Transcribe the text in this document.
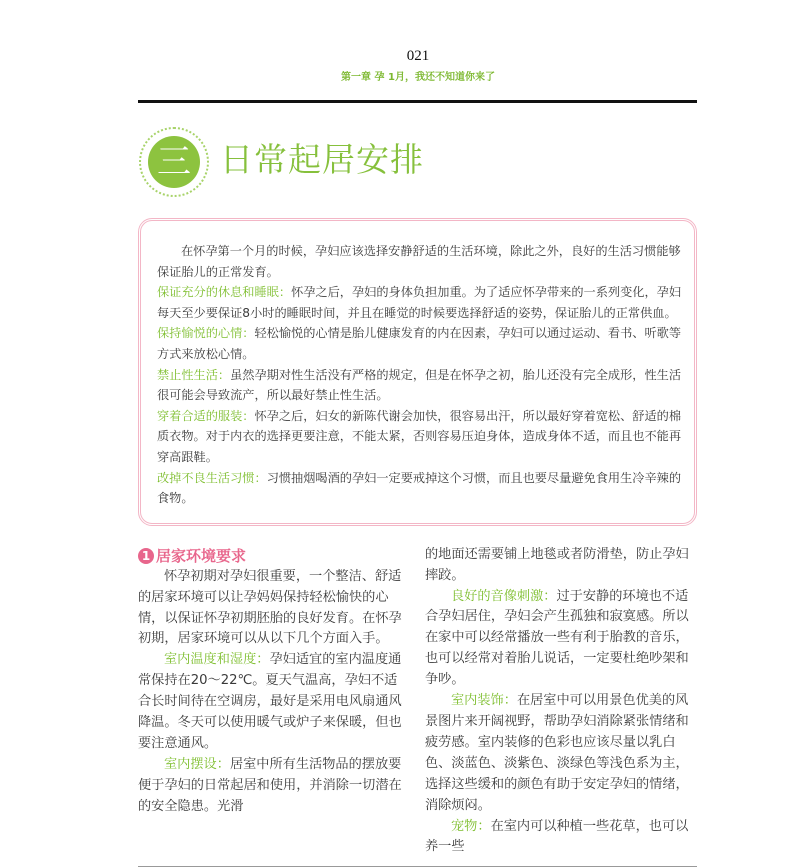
021
第一章 孕 1月，我还不知道你来了
三 日常起居安排

在怀孕第一个月的时候，孕妇应该选择安静舒适的生活环境，除此之外，良好的生活习惯能够保证胎儿的正常发育。

保证充分的休息和睡眠：怀孕之后，孕妇的身体负担加重。为了适应怀孕带来的一系列变化，孕妇每天至少要保证8小时的睡眠时间，并且在睡觉的时候要选择舒适的姿势，保证胎儿的正常供血。

保持愉悦的心情：轻松愉悦的心情是胎儿健康发育的内在因素，孕妇可以通过运动、看书、听歌等方式来放松心情。

禁止性生活：虽然孕期对性生活没有严格的规定，但是在怀孕之初，胎儿还没有完全成形，性生活很可能会导致流产，所以最好禁止性生活。

穿着合适的服装：怀孕之后，妇女的新陈代谢会加快，很容易出汗，所以最好穿着宽松、舒适的棉质衣物。对于内衣的选择更要注意，不能太紧，否则容易压迫身体，造成身体不适，而且也不能再穿高跟鞋。

改掉不良生活习惯：习惯抽烟喝酒的孕妇一定要戒掉这个习惯，而且也要尽量避免食用生冷辛辣的食物。

1 居家环境要求

怀孕初期对孕妇很重要，一个整洁、舒适的居家环境可以让孕妈妈保持轻松愉快的心情，以保证怀孕初期胚胎的良好发育。在怀孕初期，居家环境可以从以下几个方面入手。

室内温度和湿度：孕妇适宜的室内温度通常保持在20～22℃。夏天气温高，孕妇不适合长时间待在空调房，最好是采用电风扇通风降温。冬天可以使用暖气或炉子来保暖，但也要注意通风。

室内摆设：居室中所有生活物品的摆放要便于孕妇的日常起居和使用，并消除一切潜在的安全隐患。光滑

的地面还需要铺上地毯或者防滑垫，防止孕妇摔跤。

良好的音像刺激：过于安静的环境也不适合孕妇居住，孕妇会产生孤独和寂寞感。所以在家中可以经常播放一些有利于胎教的音乐，也可以经常对着胎儿说话，一定要杜绝吵架和争吵。

室内装饰：在居室中可以用景色优美的风景图片来开阔视野，帮助孕妇消除紧张情绪和疲劳感。室内装修的色彩也应该尽量以乳白色、淡蓝色、淡紫色、淡绿色等浅色系为主，选择这些缓和的颜色有助于安定孕妇的情绪，消除烦闷。

宠物：在室内可以种植一些花草，也可以养一些
